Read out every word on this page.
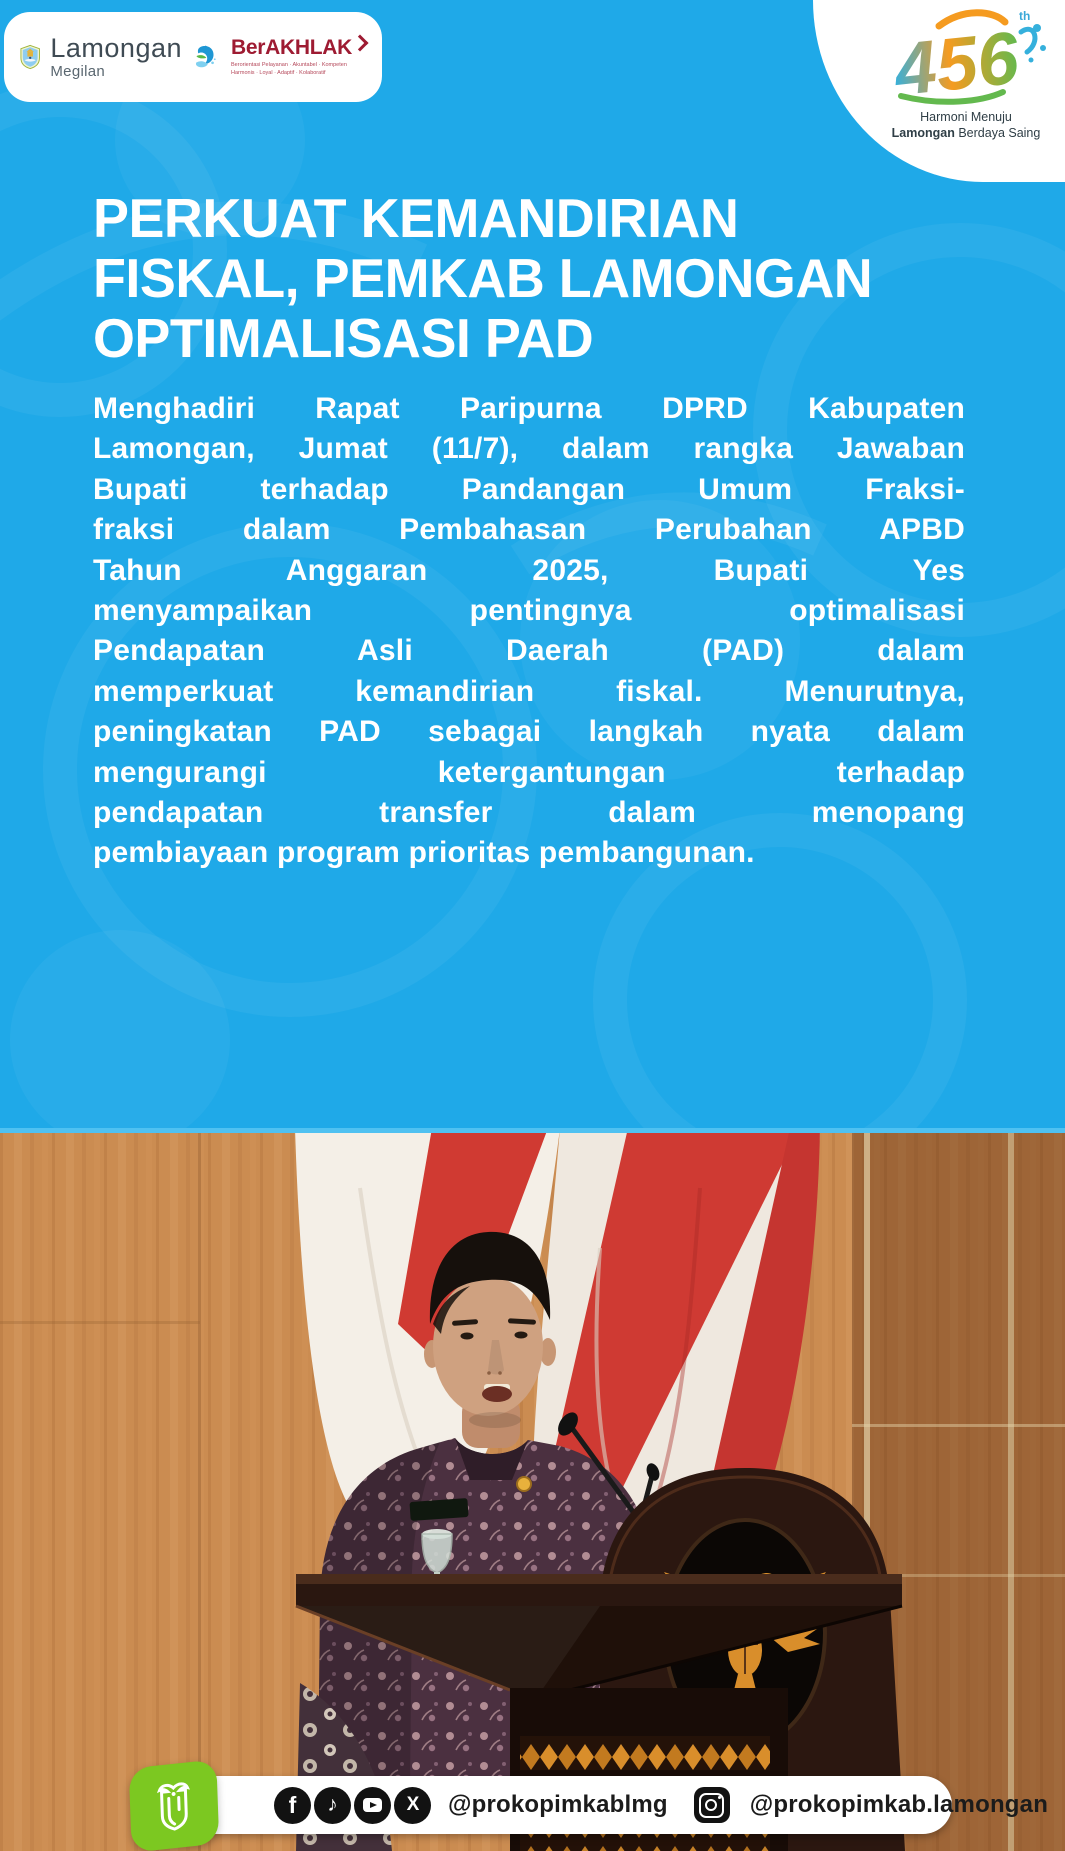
Lamongan
Megilan
BerAKHLAK
Berorientasi Pelayanan · Akuntabel · Kompeten
Harmonis · Loyal · Adaptif · Kolaboratif	456
th
Harmoni Menuju
Lamongan Berdaya Saing
PERKUAT KEMANDIRIAN
FISKAL, PEMKAB LAMONGAN
OPTIMALISASI PAD
Menghadiri Rapat Paripurna DPRD Kabupaten
Lamongan, Jumat (11/7), dalam rangka Jawaban
Bupati terhadap Pandangan Umum Fraksi-
fraksi dalam Pembahasan Perubahan APBD
Tahun Anggaran 2025, Bupati Yes
menyampaikan pentingnya optimalisasi
Pendapatan Asli Daerah (PAD) dalam
memperkuat kemandirian fiskal. Menurutnya,
peningkatan PAD sebagai langkah nyata dalam
mengurangi ketergantungan terhadap
pendapatan transfer dalam menopang
pembiayaan program prioritas pembangunan.
f	♪	X	@prokopimkablmg	@prokopimkab.lamongan
